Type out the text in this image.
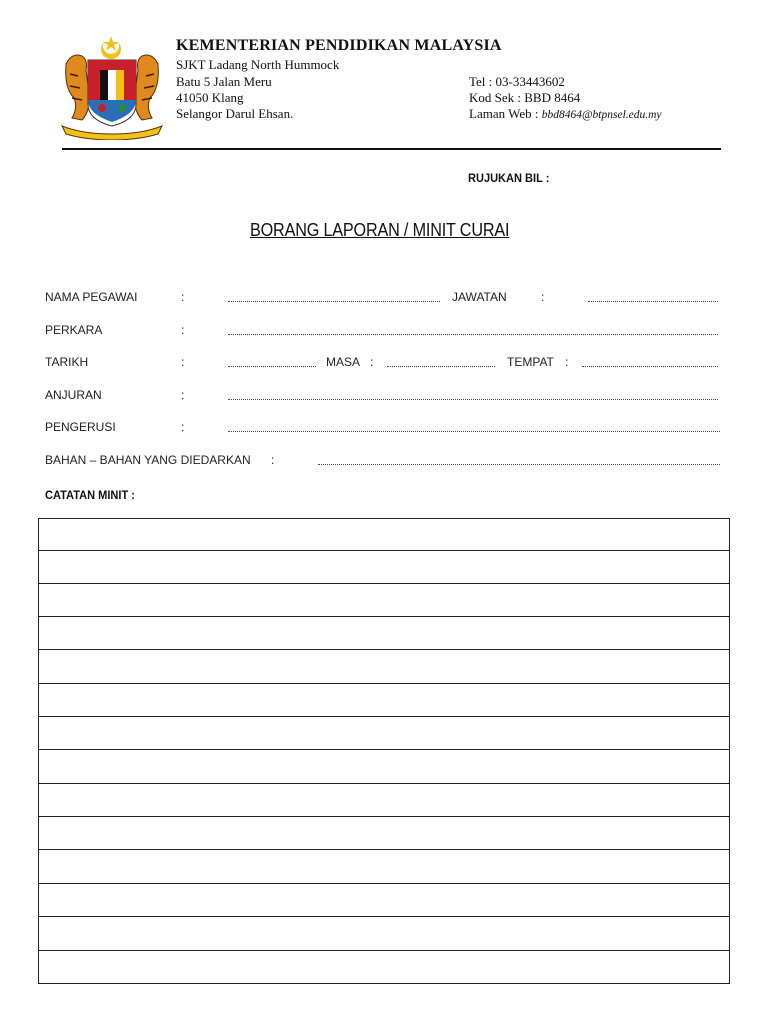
KEMENTERIAN PENDIDIKAN MALAYSIA
SJKT Ladang North Hummock
Batu 5 Jalan Meru
41050 Klang
Selangor Darul Ehsan.
Tel : 03-33443602
Kod Sek : BBD 8464
Laman Web : bbd8464@btpnsel.edu.my
RUJUKAN BIL :
BORANG LAPORAN / MINIT CURAI
NAMA PEGAWAI	:	JAWATAN	:
PERKARA	:
TARIKH	:	MASA :	TEMPAT :
ANJURAN	:
PENGERUSI	:
BAHAN – BAHAN YANG DIEDARKAN :
CATATAN MINIT :
